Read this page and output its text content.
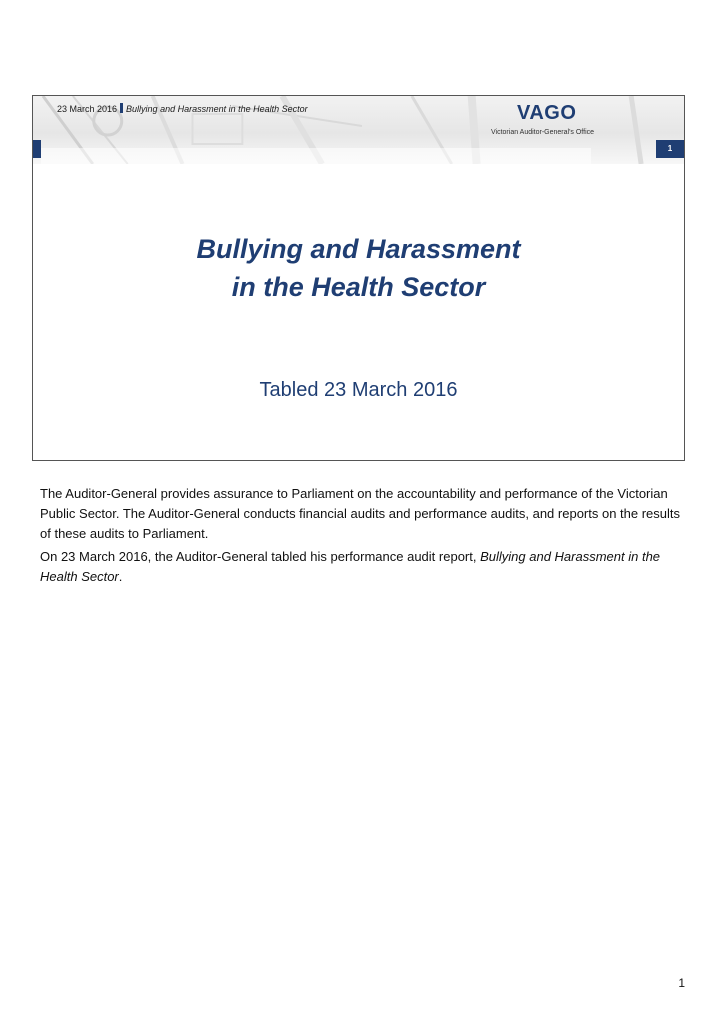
23 March 2016 Bullying and Harassment in the Health Sector	VAGO
Victorian Auditor-General's Office
1
Bullying and Harassment
in the Health Sector
Tabled 23 March 2016

The Auditor-General provides assurance to Parliament on the accountability and performance of the Victorian Public Sector. The Auditor-General conducts financial audits and performance audits, and reports on the results of these audits to Parliament.

On 23 March 2016, the Auditor-General tabled his performance audit report, Bullying and Harassment in the Health Sector.

1
